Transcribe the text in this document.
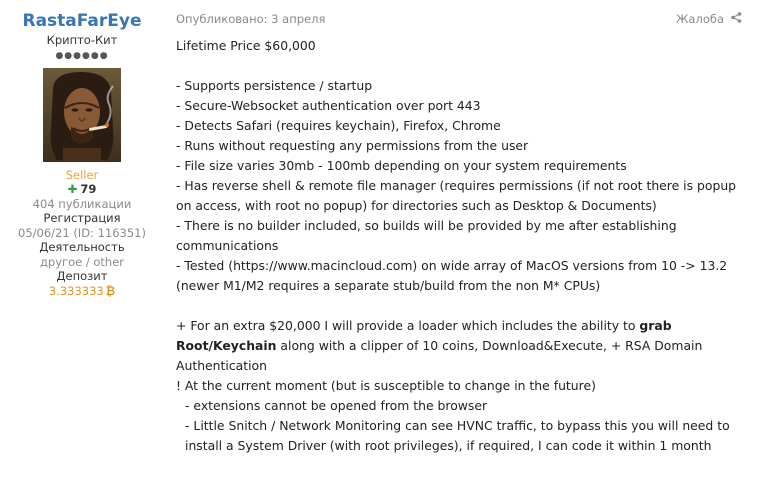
RastaFarEye
Крипто-Кит
●●●●●●
Seller
✚ 79
404 публикации
Регистрация
05/06/21 (ID: 116351)
Деятельность
другое / other
Депозит
3.333333 ₿
Опубликовано: 3 апреля	Жалоба

Lifetime Price $60,000

- Supports persistence / startup

- Secure-Websocket authentication over port 443

- Detects Safari (requires keychain), Firefox, Chrome

- Runs without requesting any permissions from the user

- File size varies 30mb - 100mb depending on your system requirements

- Has reverse shell & remote file manager (requires permissions (if not root there is popup on access, with root no popup) for directories such as Desktop & Documents)

- There is no builder included, so builds will be provided by me after establishing communications

- Tested (https://www.macincloud.com) on wide array of MacOS versions from 10 -> 13.2 (newer M1/M2 requires a separate stub/build from the non M* CPUs)

+ For an extra $20,000 I will provide a loader which includes the ability to grab Root/Keychain along with a clipper of 10 coins, Download&Execute, + RSA Domain Authentication

! At the current moment (but is susceptible to change in the future)

- extensions cannot be opened from the browser

- Little Snitch / Network Monitoring can see HVNC traffic, to bypass this you will need to install a System Driver (with root privileges), if required, I can code it within 1 month
